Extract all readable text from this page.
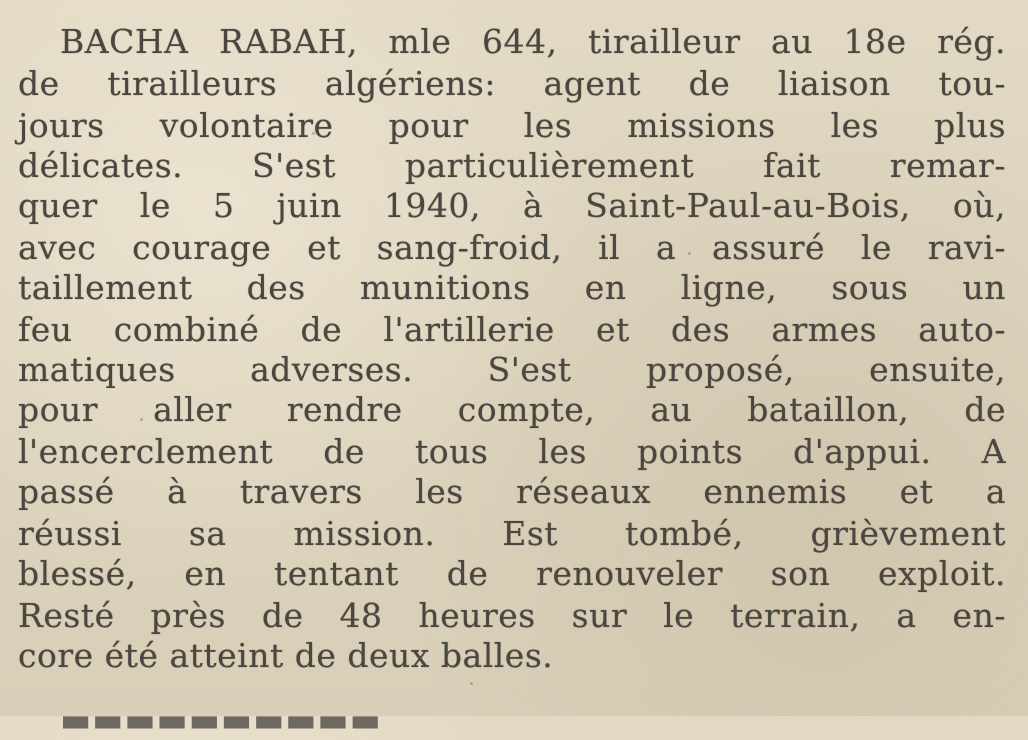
BACHA RABAH, mle 644, tirailleur au 18e rég.
de tirailleurs algériens: agent de liaison tou-
jours volontaire pour les missions les plus
délicates. S'est particulièrement fait remar-
quer le 5 juin 1940, à Saint-Paul-au-Bois, où,
avec courage et sang-froid, il a assuré le ravi-
taillement des munitions en ligne, sous un
feu combiné de l'artillerie et des armes auto-
matiques adverses. S'est proposé, ensuite,
pour aller rendre compte, au bataillon, de
l'encerclement de tous les points d'appui. A
passé à travers les réseaux ennemis et a
réussi sa mission. Est tombé, grièvement
blessé, en tentant de renouveler son exploit.
Resté près de 48 heures sur le terrain, a en-
core été atteint de deux balles.
▬▬▬▬▬▬▬▬▬▬
